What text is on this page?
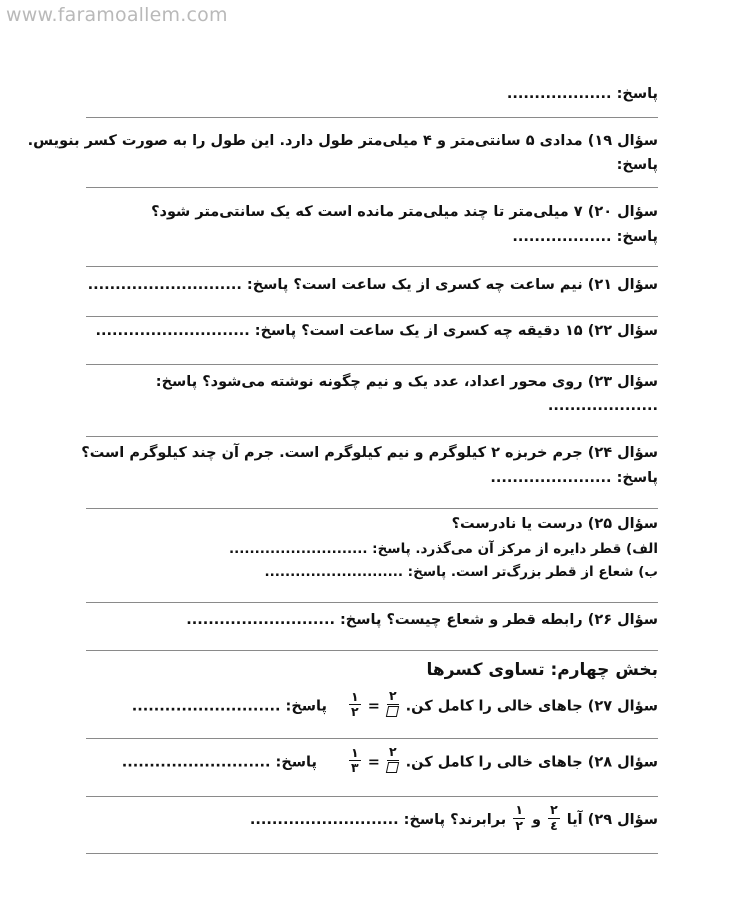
www.faramoallem.com
پاسخ: ...................
سؤال ۱۹) مدادی ۵ سانتی‌متر و ۴ میلی‌متر طول دارد. این طول را به صورت کسر بنویس.
پاسخ:
سؤال ۲۰) ۷ میلی‌متر تا چند میلی‌متر مانده است که یک سانتی‌متر شود؟
پاسخ: ..................
سؤال ۲۱) نیم ساعت چه کسری از یک ساعت است؟ پاسخ: ............................
سؤال ۲۲) ۱۵ دقیقه چه کسری از یک ساعت است؟ پاسخ: ............................
سؤال ۲۳) روی محور اعداد، عدد یک و نیم چگونه نوشته می‌شود؟ پاسخ:
....................
سؤال ۲۴) جرم خربزه ۲ کیلوگرم و نیم کیلوگرم است. جرم آن چند کیلوگرم است؟
پاسخ: ......................
سؤال ۲۵) درست یا نادرست؟
الف) قطر دایره از مرکز آن می‌گذرد. پاسخ: ...........................
ب) شعاع از قطر بزرگ‌تر است. پاسخ: ...........................
سؤال ۲۶) رابطه قطر و شعاع چیست؟ پاسخ: ...........................
بخش چهارم: تساوی کسرها
سؤال ۲۷) جاهای خالی را کامل کن.
۲
=
$\frac{۱}{۲}$
پاسخ: ...........................
سؤال ۲۸) جاهای خالی را کامل کن.
۲
=
$\frac{۱}{۳}$
پاسخ: ...........................
سؤال ۲۹) آیا
$\frac{۲}{٤}$
و
$\frac{۱}{۲}$
برابرند؟ پاسخ: ...........................
